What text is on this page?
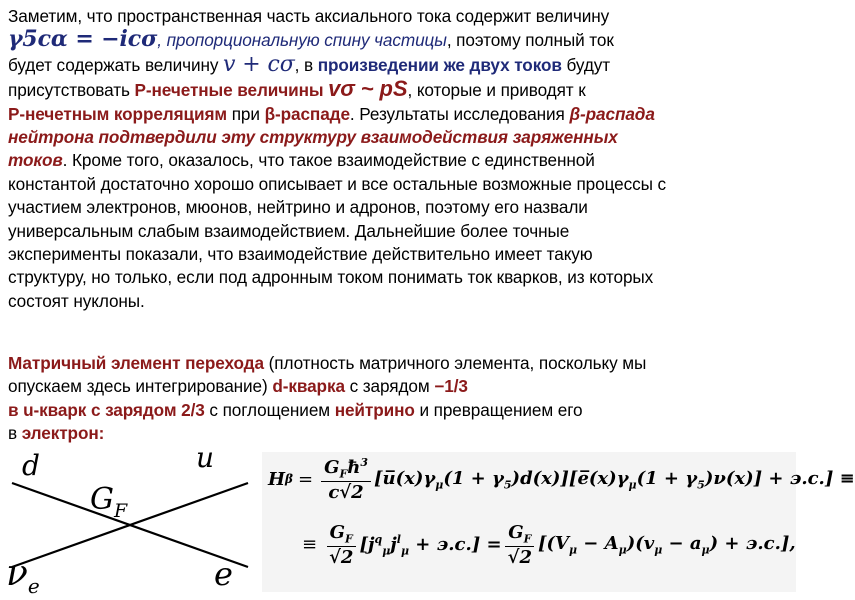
Заметим, что пространственная часть аксиального тока содержит величину
γ5cα = −icσ, пропорциональную спину частицы, поэтому полный ток
будет содержать величину v + cσ, в произведении же двух токов будут
присутствовать P-нечетные величины vσ ~ pS, которые и приводят к
P-нечетным корреляциям при β-распаде. Результаты исследования β-распада
нейтрона подтвердили эту структуру взаимодействия заряженных
токов. Кроме того, оказалось, что такое взаимодействие с единственной
константой достаточно хорошо описывает и все остальные возможные процессы с
участием электронов, мюонов, нейтрино и адронов, поэтому его назвали
универсальным слабым взаимодействием. Дальнейшие более точные
эксперименты показали, что взаимодействие действительно имеет такую
структуру, но только, если под адронным током понимать ток кварков, из которых
состоят нуклоны.
Матричный элемент перехода (плотность матричного элемента, поскольку мы
опускаем здесь интегрирование) d-кварка с зарядом −1/3
в u-кварк с зарядом 2/3 с поглощением нейтрино и превращением его
в электрон:
d	u
$G_F$
$\nu_e$	e
H $\beta = \frac{G_Fħ^3}{c√2}$ [$u̅(x)\gamma_\mu(1$ + $\gamma_5)d(x)][e̅(x)\gamma_\mu(1 + \gamma_5)\nu(x)] + э.с$.] ≡
≡ $\frac{G_F}{√2} [j^q_\mu j^l_\mu + э.с.] = \frac{G_F}{√2} [(V_\mu - A_\mu)(v_\mu - a_\mu) + э.с.]$,
